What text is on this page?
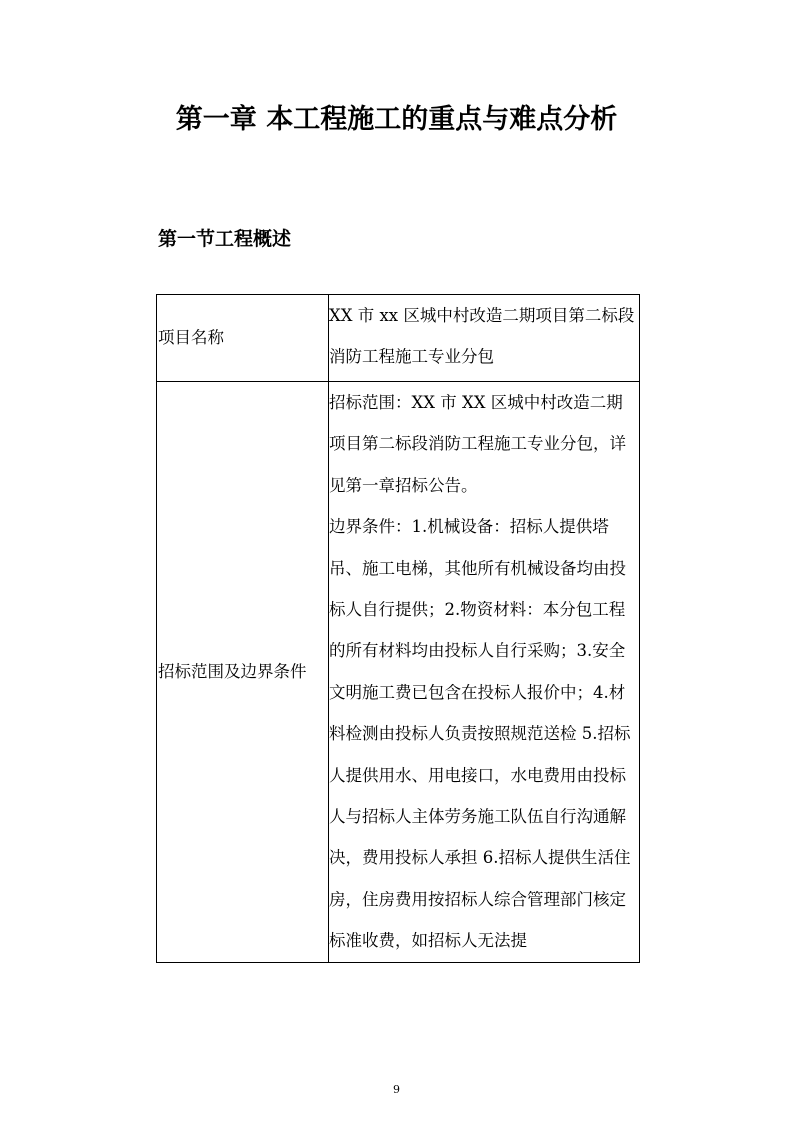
第一章 本工程施工的重点与难点分析
第一节工程概述
项目名称	XX 市 xx 区城中村改造二期项目第二标段消防工程施工专业分包

招标范围及边界条件	招标范围：XX 市 XX 区城中村改造二期项目第二标段消防工程施工专业分包，详见第一章招标公告。

边界条件：1.机械设备：招标人提供塔吊、施工电梯，其他所有机械设备均由投标人自行提供；2.物资材料：本分包工程的所有材料均由投标人自行采购；3.安全文明施工费已包含在投标人报价中；4.材料检测由投标人负责按照规范送检 5.招标人提供用水、用电接口，水电费用由投标人与招标人主体劳务施工队伍自行沟通解决，费用投标人承担 6.招标人提供生活住房，住房费用按招标人综合管理部门核定标准收费，如招标人无法提

9
